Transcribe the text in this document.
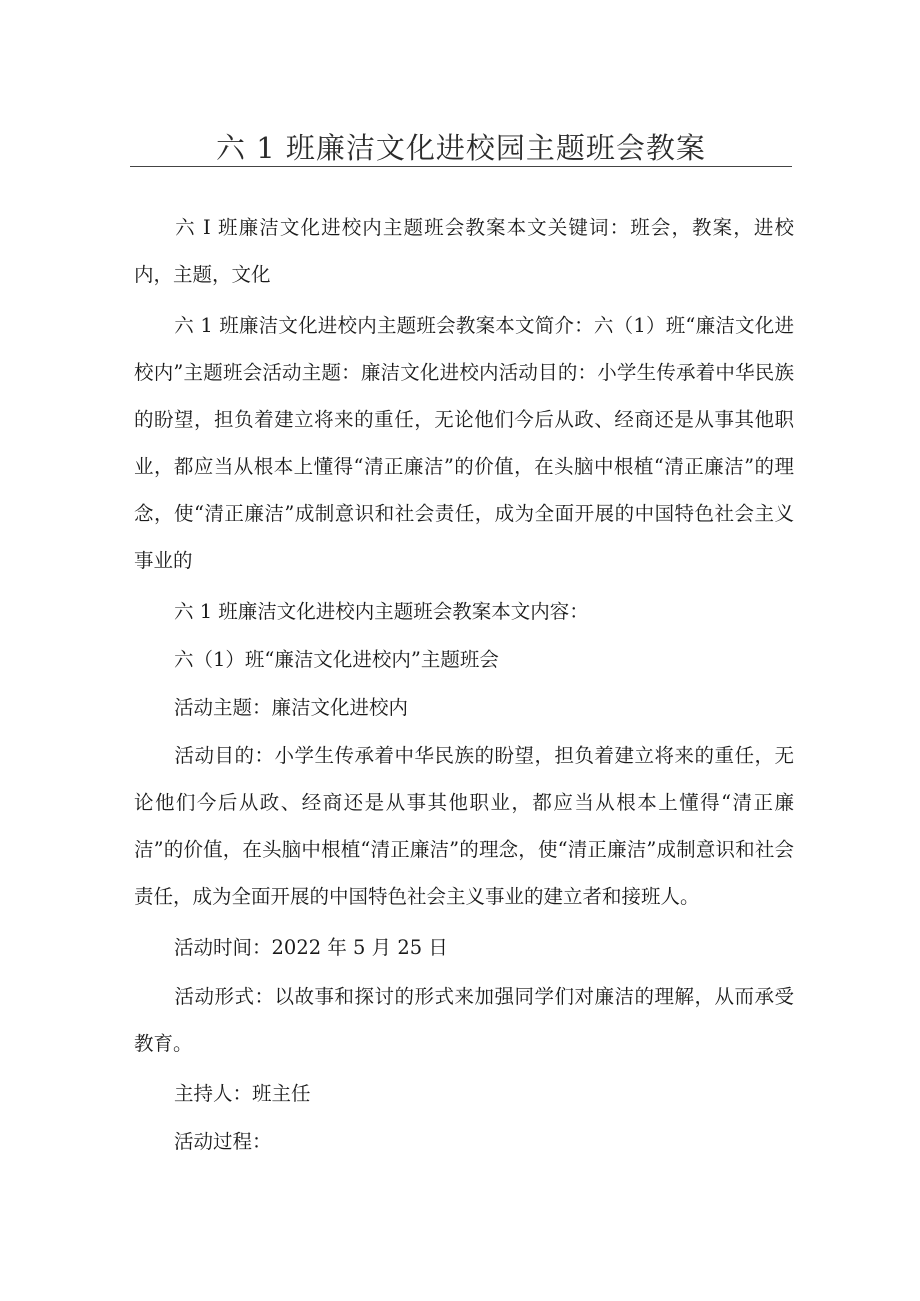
六 1 班廉洁文化进校园主题班会教案

六 I 班廉洁文化进校内主题班会教案本文关键词：班会，教案，进校内，主题，文化

六 1 班廉洁文化进校内主题班会教案本文简介：六（1）班“廉洁文化进校内”主题班会活动主题：廉洁文化进校内活动目的：小学生传承着中华民族的盼望，担负着建立将来的重任，无论他们今后从政、经商还是从事其他职业，都应当从根本上懂得“清正廉洁”的价值，在头脑中根植“清正廉洁”的理念，使“清正廉洁”成制意识和社会责任，成为全面开展的中国特色社会主义事业的

六 1 班廉洁文化进校内主题班会教案本文内容：

六（1）班“廉洁文化进校内”主题班会

活动主题：廉洁文化进校内

活动目的：小学生传承着中华民族的盼望，担负着建立将来的重任，无论他们今后从政、经商还是从事其他职业，都应当从根本上懂得“清正廉洁”的价值，在头脑中根植“清正廉洁”的理念，使“清正廉洁”成制意识和社会责任，成为全面开展的中国特色社会主义事业的建立者和接班人。

活动时间：2022 年 5 月 25 日

活动形式：以故事和探讨的形式来加强同学们对廉洁的理解，从而承受教育。

主持人：班主任

活动过程：
